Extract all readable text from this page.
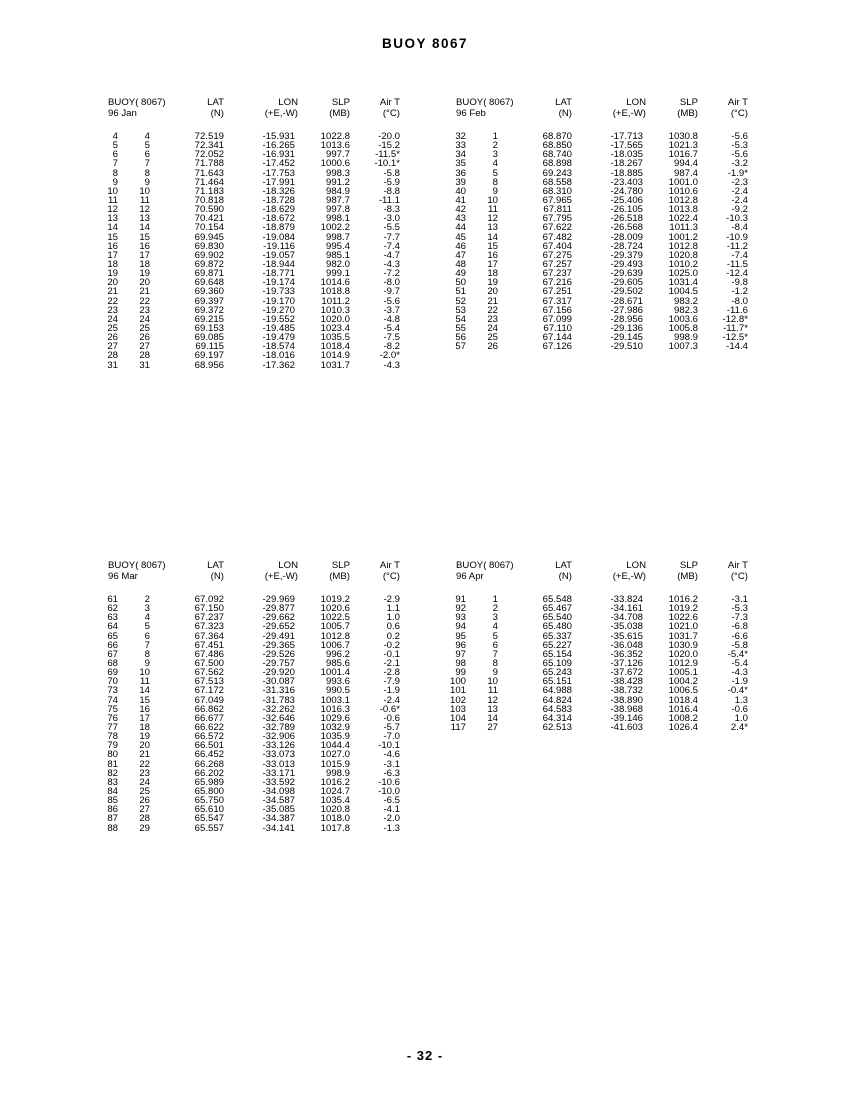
BUOY 8067
BUOY( 8067)	LAT	LON	SLP	Air T
96 Jan	(N)	(+E,-W)	(MB)	(°C)
4	4	72.519	-15.931	1022.8	-20.0
5	5	72.341	-16.265	1013.6	-15.2
6	6	72.052	-16.931	997.7	-11.5*
7	7	71.788	-17.452	1000.6	-10.1*
8	8	71.643	-17.753	998.3	-5.8
9	9	71.464	-17.991	991.2	-5.9
10 10	71.183	-18.326	984.9	-8.8
11 11	70.818	-18.728	987.7	-11.1
12 12	70.590	-18.629	997.8	-8.3
13 13	70.421	-18.672	998.1	-3.0
14 14	70.154	-18.879	1002.2	-5.5
15 15	69.945	-19.084	998.7	-7.7
16 16	69.830	-19.116	995.4	-7.4
17 17	69.902	-19.057	985.1	-4.7
18 18	69.872	-18.944	982.0	-4.3
19 19	69.871	-18.771	999.1	-7.2
20 20	69.648	-19.174	1014.6	-8.0
21 21	69.360	-19.733	1018.8	-9.7
22 22	69.397	-19.170	1011.2	-5.6
23 23	69.372	-19.270	1010.3	-3.7
24 24	69.215	-19.552	1020.0	-4.8
25 25	69.153	-19.485	1023.4	-5.4
26 26	69.085	-19.479	1035.5	-7.5
27 27	69.115	-18.574	1018.4	-8.2
28 28	69.197	-18.016	1014.9	-2.0*
31 31	68.956	-17.362	1031.7	-4.3
BUOY( 8067)	LAT	LON	SLP	Air T
96 Feb	(N)	(+E,-W)	(MB)	(°C)
32	1	68.870	-17.713	1030.8	-5.6
33	2	68.850	-17.565	1021.3	-5.3
34	3	68.740	-18.035	1016.7	-5.6
35	4	68.898	-18.267	994.4	-3.2
36	5	69.243	-18.885	987.4	-1.9*
39	8	68.558	-23.403	1001.0	-2.3
40	9	68.310	-24.780	1010.6	-2.4
41 10	67.965	-25.406	1012.8	-2.4
42 11	67.811	-26.105	1013.8	-9.2
43 12	67.795	-26.518	1022.4	-10.3
44 13	67.622	-26.568	1011.3	-8.4
45 14	67.482	-28.009	1001.2	-10.9
46 15	67.404	-28.724	1012.8	-11.2
47 16	67.275	-29.379	1020.8	-7.4
48 17	67.257	-29.493	1010.2	-11.5
49 18	67.237	-29.639	1025.0	-12.4
50 19	67.216	-29.605	1031.4	-9.8
51 20	67.251	-29.502	1004.5	-1.2
52 21	67.317	-28.671	983.2	-8.0
53 22	67.156	-27.986	982.3	-11.6
54 23	67.099	-28.956	1003.6	-12.8*
55 24	67.110	-29.136	1005.8	-11.7*
56 25	67.144	-29.145	998.9	-12.5*
57 26	67.126	-29.510	1007.3	-14.4
BUOY( 8067)	LAT	LON	SLP	Air T
96 Mar	(N)	(+E,-W)	(MB)	(°C)
61	2	67.092	-29.969	1019.2	-2.9
62	3	67.150	-29.877	1020.6	1.1
63	4	67.237	-29.662	1022.5	1.0
64	5	67.323	-29.652	1005.7	0.6
65	6	67.364	-29.491	1012.8	0.2
66	7	67.451	-29.365	1006.7	-0.2
67	8	67.486	-29.526	996.2	-0.1
68	9	67.500	-29.757	985.6	-2.1
69 10	67.562	-29.920	1001.4	-2.8
70 11	67.513	-30.087	993.6	-7.9
73 14	67.172	-31.316	990.5	-1.9
74 15	67.049	-31.783	1003.1	-2.4
75 16	66.862	-32.262	1016.3	-0.6*
76 17	66.677	-32.646	1029.6	-0.6
77 18	66.622	-32.789	1032.9	-5.7
78 19	66.572	-32.906	1035.9	-7.0
79 20	66.501	-33.126	1044.4	-10.1
80 21	66.452	-33.073	1027.0	-4.6
81 22	66.268	-33.013	1015.9	-3.1
82 23	66.202	-33.171	998.9	-6.3
83 24	65.989	-33.592	1016.2	-10.6
84 25	65.800	-34.098	1024.7	-10.0
85 26	65.750	-34.587	1035.4	-6.5
86 27	65.610	-35.085	1020.8	-4.1
87 28	65.547	-34.387	1018.0	-2.0
88 29	65.557	-34.141	1017.8	-1.3
BUOY( 8067)	LAT	LON	SLP	Air T
96 Apr	(N)	(+E,-W)	(MB)	(°C)
91	1	65.548	-33.824	1016.2	-3.1
92	2	65.467	-34.161	1019.2	-5.3
93	3	65.540	-34.708	1022.6	-7.3
94	4	65.480	-35.038	1021.0	-6.8
95	5	65.337	-35.615	1031.7	-6.6
96	6	65.227	-36.048	1030.9	-5.8
97	7	65.154	-36.352	1020.0	-5.4*
98	8	65.109	-37.126	1012.9	-5.4
99	9	65.243	-37.672	1005.1	-4.3
100 10	65.151	-38.428	1004.2	-1.9
101 11	64.988	-38.732	1006.5	-0.4*
102 12	64.824	-38.890	1018.4	1.3
103 13	64.583	-38.968	1016.4	-0.6
104 14	64.314	-39.146	1008.2	1.0
117 27	62.513	-41.603	1026.4	2.4*
- 32 -
